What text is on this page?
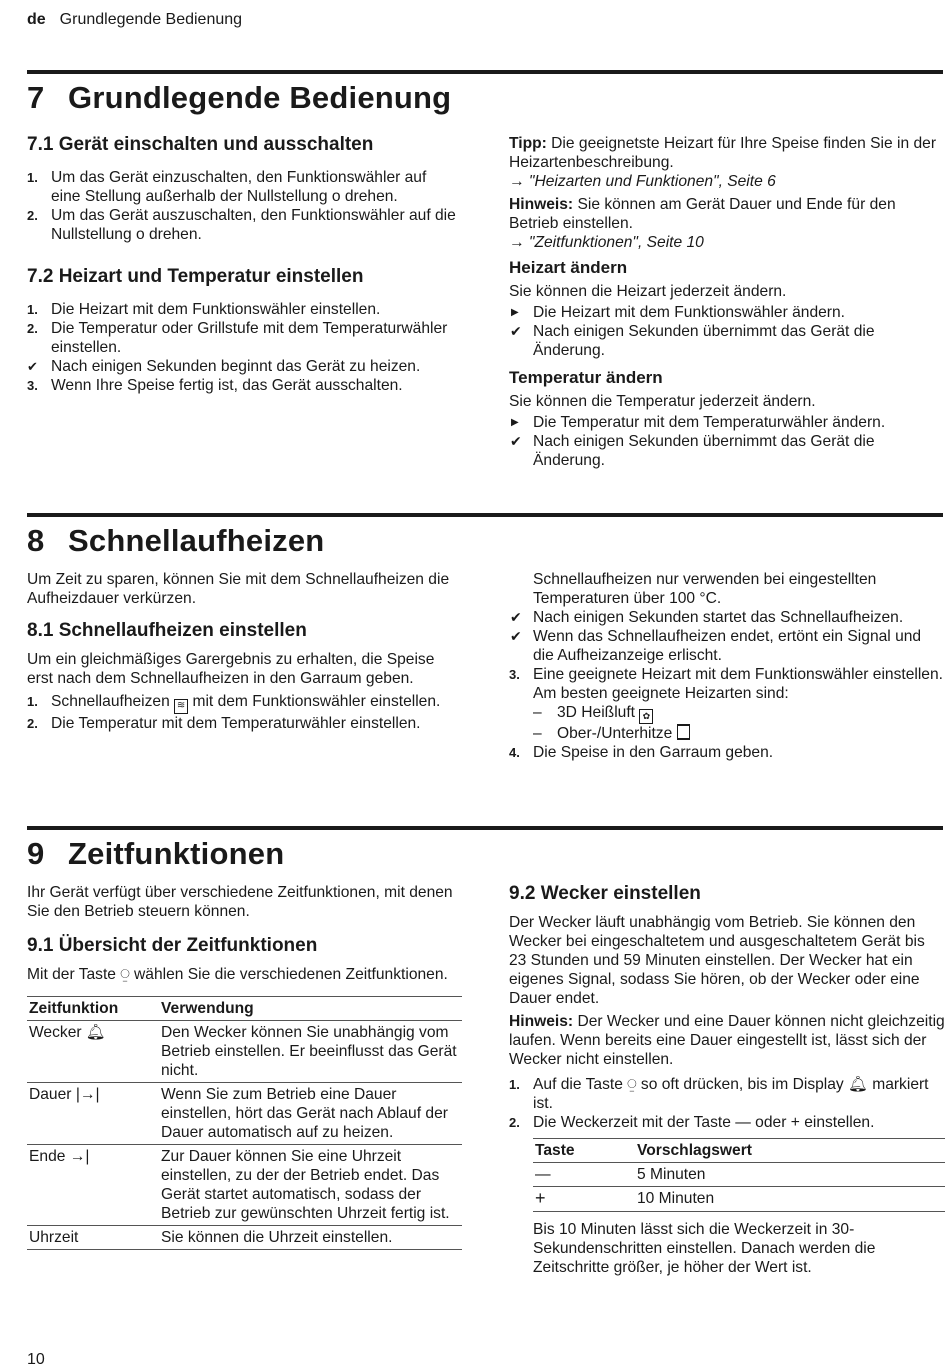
de Grundlegende Bedienung
7 Grundlegende Bedienung
7.1 Gerät einschalten und ausschalten
1. Um das Gerät einzuschalten, den Funktionswähler auf eine Stellung außerhalb der Nullstellung o drehen.
2. Um das Gerät auszuschalten, den Funktionswähler auf die Nullstellung o drehen.
7.2 Heizart und Temperatur einstellen
1. Die Heizart mit dem Funktionswähler einstellen.
2. Die Temperatur oder Grillstufe mit dem Temperaturwähler einstellen.
✔ Nach einigen Sekunden beginnt das Gerät zu heizen.
3. Wenn Ihre Speise fertig ist, das Gerät ausschalten.

Tipp: Die geeignetste Heizart für Ihre Speise finden Sie in der Heizartenbeschreibung.
→ "Heizarten und Funktionen", Seite 6

Hinweis: Sie können am Gerät Dauer und Ende für den Betrieb einstellen.
→ "Zeitfunktionen", Seite 10

Heizart ändern

Sie können die Heizart jederzeit ändern.

▶ Die Heizart mit dem Funktionswähler ändern.
✔ Nach einigen Sekunden übernimmt das Gerät die Änderung.
Temperatur ändern

Sie können die Temperatur jederzeit ändern.

▶ Die Temperatur mit dem Temperaturwähler ändern.
✔ Nach einigen Sekunden übernimmt das Gerät die Änderung.
8 Schnellaufheizen

Um Zeit zu sparen, können Sie mit dem Schnellaufheizen die Aufheizdauer verkürzen.

8.1 Schnellaufheizen einstellen

Um ein gleichmäßiges Garergebnis zu erhalten, die Speise erst nach dem Schnellaufheizen in den Garraum geben.

1. Schnellaufheizen ≋ mit dem Funktionswähler einstellen.
2. Die Temperatur mit dem Temperaturwähler einstellen.
Schnellaufheizen nur verwenden bei eingestellten Temperaturen über 100 °C.
✔ Nach einigen Sekunden startet das Schnellaufheizen.
✔ Wenn das Schnellaufheizen endet, ertönt ein Signal und die Aufheizanzeige erlischt.
3. Eine geeignete Heizart mit dem Funktionswähler einstellen.
Am besten geeignete Heizarten sind:
– 3D Heißluft ✿
– Ober-/Unterhitze
4. Die Speise in den Garraum geben.
9 Zeitfunktionen

Ihr Gerät verfügt über verschiedene Zeitfunktionen, mit denen Sie den Betrieb steuern können.

9.1 Übersicht der Zeitfunktionen

Mit der Taste ⍜ wählen Sie die verschiedenen Zeitfunktionen.

Zeitfunktion	Verwendung
Wecker 🔔︎	Den Wecker können Sie unabhängig vom Betrieb einstellen. Er beeinflusst das Gerät nicht.
Dauer |→|	Wenn Sie zum Betrieb eine Dauer einstellen, hört das Gerät nach Ablauf der Dauer automatisch auf zu heizen.
Ende →|	Zur Dauer können Sie eine Uhrzeit einstellen, zu der der Betrieb endet. Das Gerät startet automatisch, sodass der Betrieb zur gewünschten Uhrzeit fertig ist.
Uhrzeit	Sie können die Uhrzeit einstellen.
9.2 Wecker einstellen

Der Wecker läuft unabhängig vom Betrieb. Sie können den Wecker bei eingeschaltetem und ausgeschaltetem Gerät bis 23 Stunden und 59 Minuten einstellen. Der Wecker hat ein eigenes Signal, sodass Sie hören, ob der Wecker oder eine Dauer endet.

Hinweis: Der Wecker und eine Dauer können nicht gleichzeitig laufen. Wenn bereits eine Dauer eingestellt ist, lässt sich der Wecker nicht einstellen.

1. Auf die Taste ⍜ so oft drücken, bis im Display 🔔︎ markiert ist.
2. Die Weckerzeit mit der Taste — oder + einstellen.
Taste	Vorschlagswert
—	5 Minuten
+	10 Minuten

Bis 10 Minuten lässt sich die Weckerzeit in 30-Sekundenschritten einstellen. Danach werden die Zeitschritte größer, je höher der Wert ist.

10
